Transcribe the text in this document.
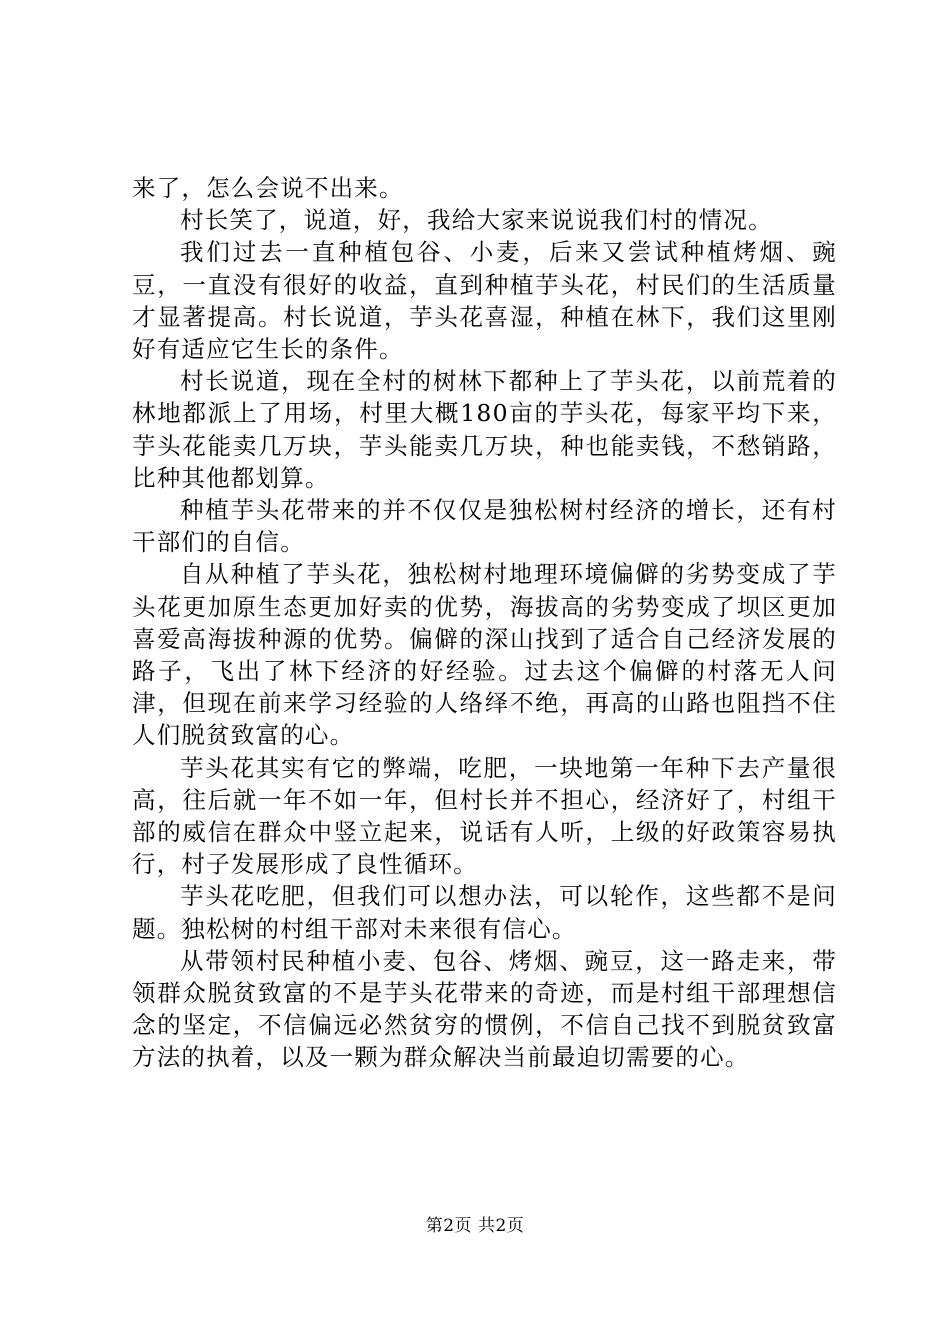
来了，怎么会说不出来。

村长笑了，说道，好，我给大家来说说我们村的情况。

我们过去一直种植包谷、小麦，后来又尝试种植烤烟、豌豆，一直没有很好的收益，直到种植芋头花，村民们的生活质量才显著提高。村长说道，芋头花喜湿，种植在林下，我们这里刚好有适应它生长的条件。

村长说道，现在全村的树林下都种上了芋头花，以前荒着的林地都派上了用场，村里大概180亩的芋头花，每家平均下来，芋头花能卖几万块，芋头能卖几万块，种也能卖钱，不愁销路，比种其他都划算。

种植芋头花带来的并不仅仅是独松树村经济的增长，还有村干部们的自信。

自从种植了芋头花，独松树村地理环境偏僻的劣势变成了芋头花更加原生态更加好卖的优势，海拔高的劣势变成了坝区更加喜爱高海拔种源的优势。偏僻的深山找到了适合自己经济发展的路子，飞出了林下经济的好经验。过去这个偏僻的村落无人问津，但现在前来学习经验的人络绎不绝，再高的山路也阻挡不住人们脱贫致富的心。

芋头花其实有它的弊端，吃肥，一块地第一年种下去产量很高，往后就一年不如一年，但村长并不担心，经济好了，村组干部的威信在群众中竖立起来，说话有人听，上级的好政策容易执行，村子发展形成了良性循环。

芋头花吃肥，但我们可以想办法，可以轮作，这些都不是问题。独松树的村组干部对未来很有信心。

从带领村民种植小麦、包谷、烤烟、豌豆，这一路走来，带领群众脱贫致富的不是芋头花带来的奇迹，而是村组干部理想信念的坚定，不信偏远必然贫穷的惯例，不信自己找不到脱贫致富方法的执着，以及一颗为群众解决当前最迫切需要的心。

第2页 共2页
